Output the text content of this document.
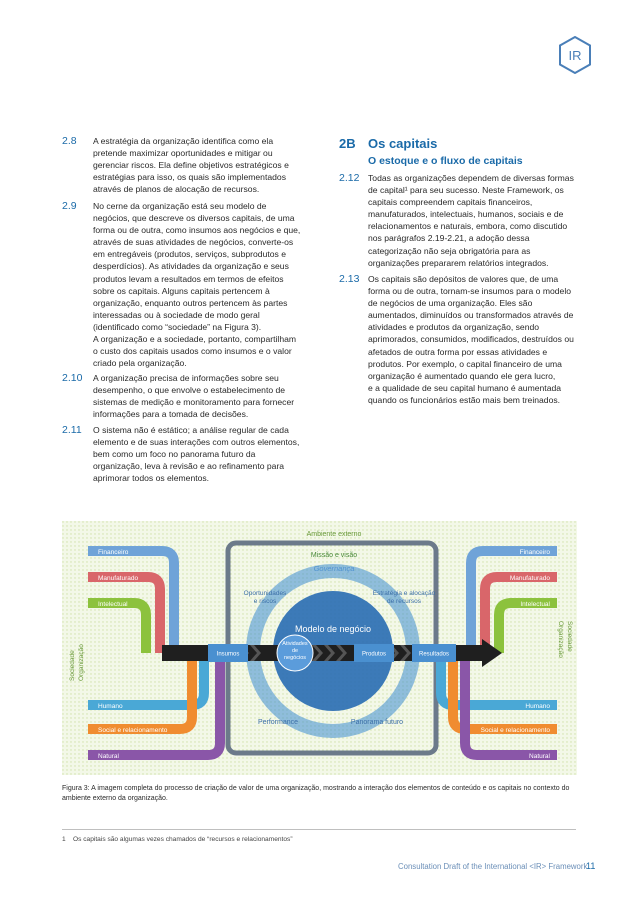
IR
2.8 A estratégia da organização identifica como ela
pretende maximizar oportunidades e mitigar ou
gerenciar riscos. Ela define objetivos estratégicos e
estratégias para isso, os quais são implementados
através de planos de alocação de recursos.
2.9 No cerne da organização está seu modelo de
negócios, que descreve os diversos capitais, de uma
forma ou de outra, como insumos aos negócios e que,
através de suas atividades de negócios, converte-os
em entregáveis (produtos, serviços, subprodutos e
desperdícios). As atividades da organização e seus
produtos levam a resultados em termos de efeitos
sobre os capitais. Alguns capitais pertencem à
organização, enquanto outros pertencem às partes
interessadas ou à sociedade de modo geral
(identificado como “sociedade” na Figura 3).
A organização e a sociedade, portanto, compartilham
o custo dos capitais usados como insumos e o valor
criado pela organização.
2.10 A organização precisa de informações sobre seu
desempenho, o que envolve o estabelecimento de
sistemas de medição e monitoramento para fornecer
informações para a tomada de decisões.
2.11 O sistema não é estático; a análise regular de cada
elemento e de suas interações com outros elementos,
bem como um foco no panorama futuro da
organização, leva à revisão e ao refinamento para
aprimorar todos os elementos.
2B Os capitais
O estoque e o fluxo de capitais
2.12 Todas as organizações dependem de diversas formas
de capital¹ para seu sucesso. Neste Framework, os
capitais compreendem capitais financeiros,
manufaturados, intelectuais, humanos, sociais e de
relacionamentos e naturais, embora, como discutido
nos parágrafos 2.19-2.21, a adoção dessa
categorização não seja obrigatória para as
organizações prepararem relatórios integrados.
2.13 Os capitais são depósitos de valores que, de uma
forma ou de outra, tornam-se insumos para o modelo
de negócios de uma organização. Eles são
aumentados, diminuídos ou transformados através de
atividades e produtos da organização, sendo
aprimorados, consumidos, modificados, destruídos ou
afetados de outra forma por essas atividades e
produtos. Por exemplo, o capital financeiro de uma
organização é aumentado quando ele gera lucro,
e a qualidade de seu capital humano é aumentada
quando os funcionários estão mais bem treinados.
Ambiente externo
Missão e visão
Governança
Modelo de negócio
Oportunidades e riscos
Estratégia e alocação de recursos
Performance	Panorama futuro
Financeiro
Manufaturado
Intelectual
Humano
Social e relacionamento
Natural
Financeiro
Manufaturado
Intelectual
Humano
Social e relacionamento
Natural
Sociedade Organização
Organização Sociedade
Insumos
Atividades de negócios
Produtos	Resultados
Figura 3: A imagem completa do processo de criação de valor de uma organização, mostrando a interação dos elementos de conteúdo e os capitais no contexto do
ambiente externo da organização.
1    Os capitais são algumas vezes chamados de “recursos e relacionamentos”
Consultation Draft of the International <IR> Framework
11
